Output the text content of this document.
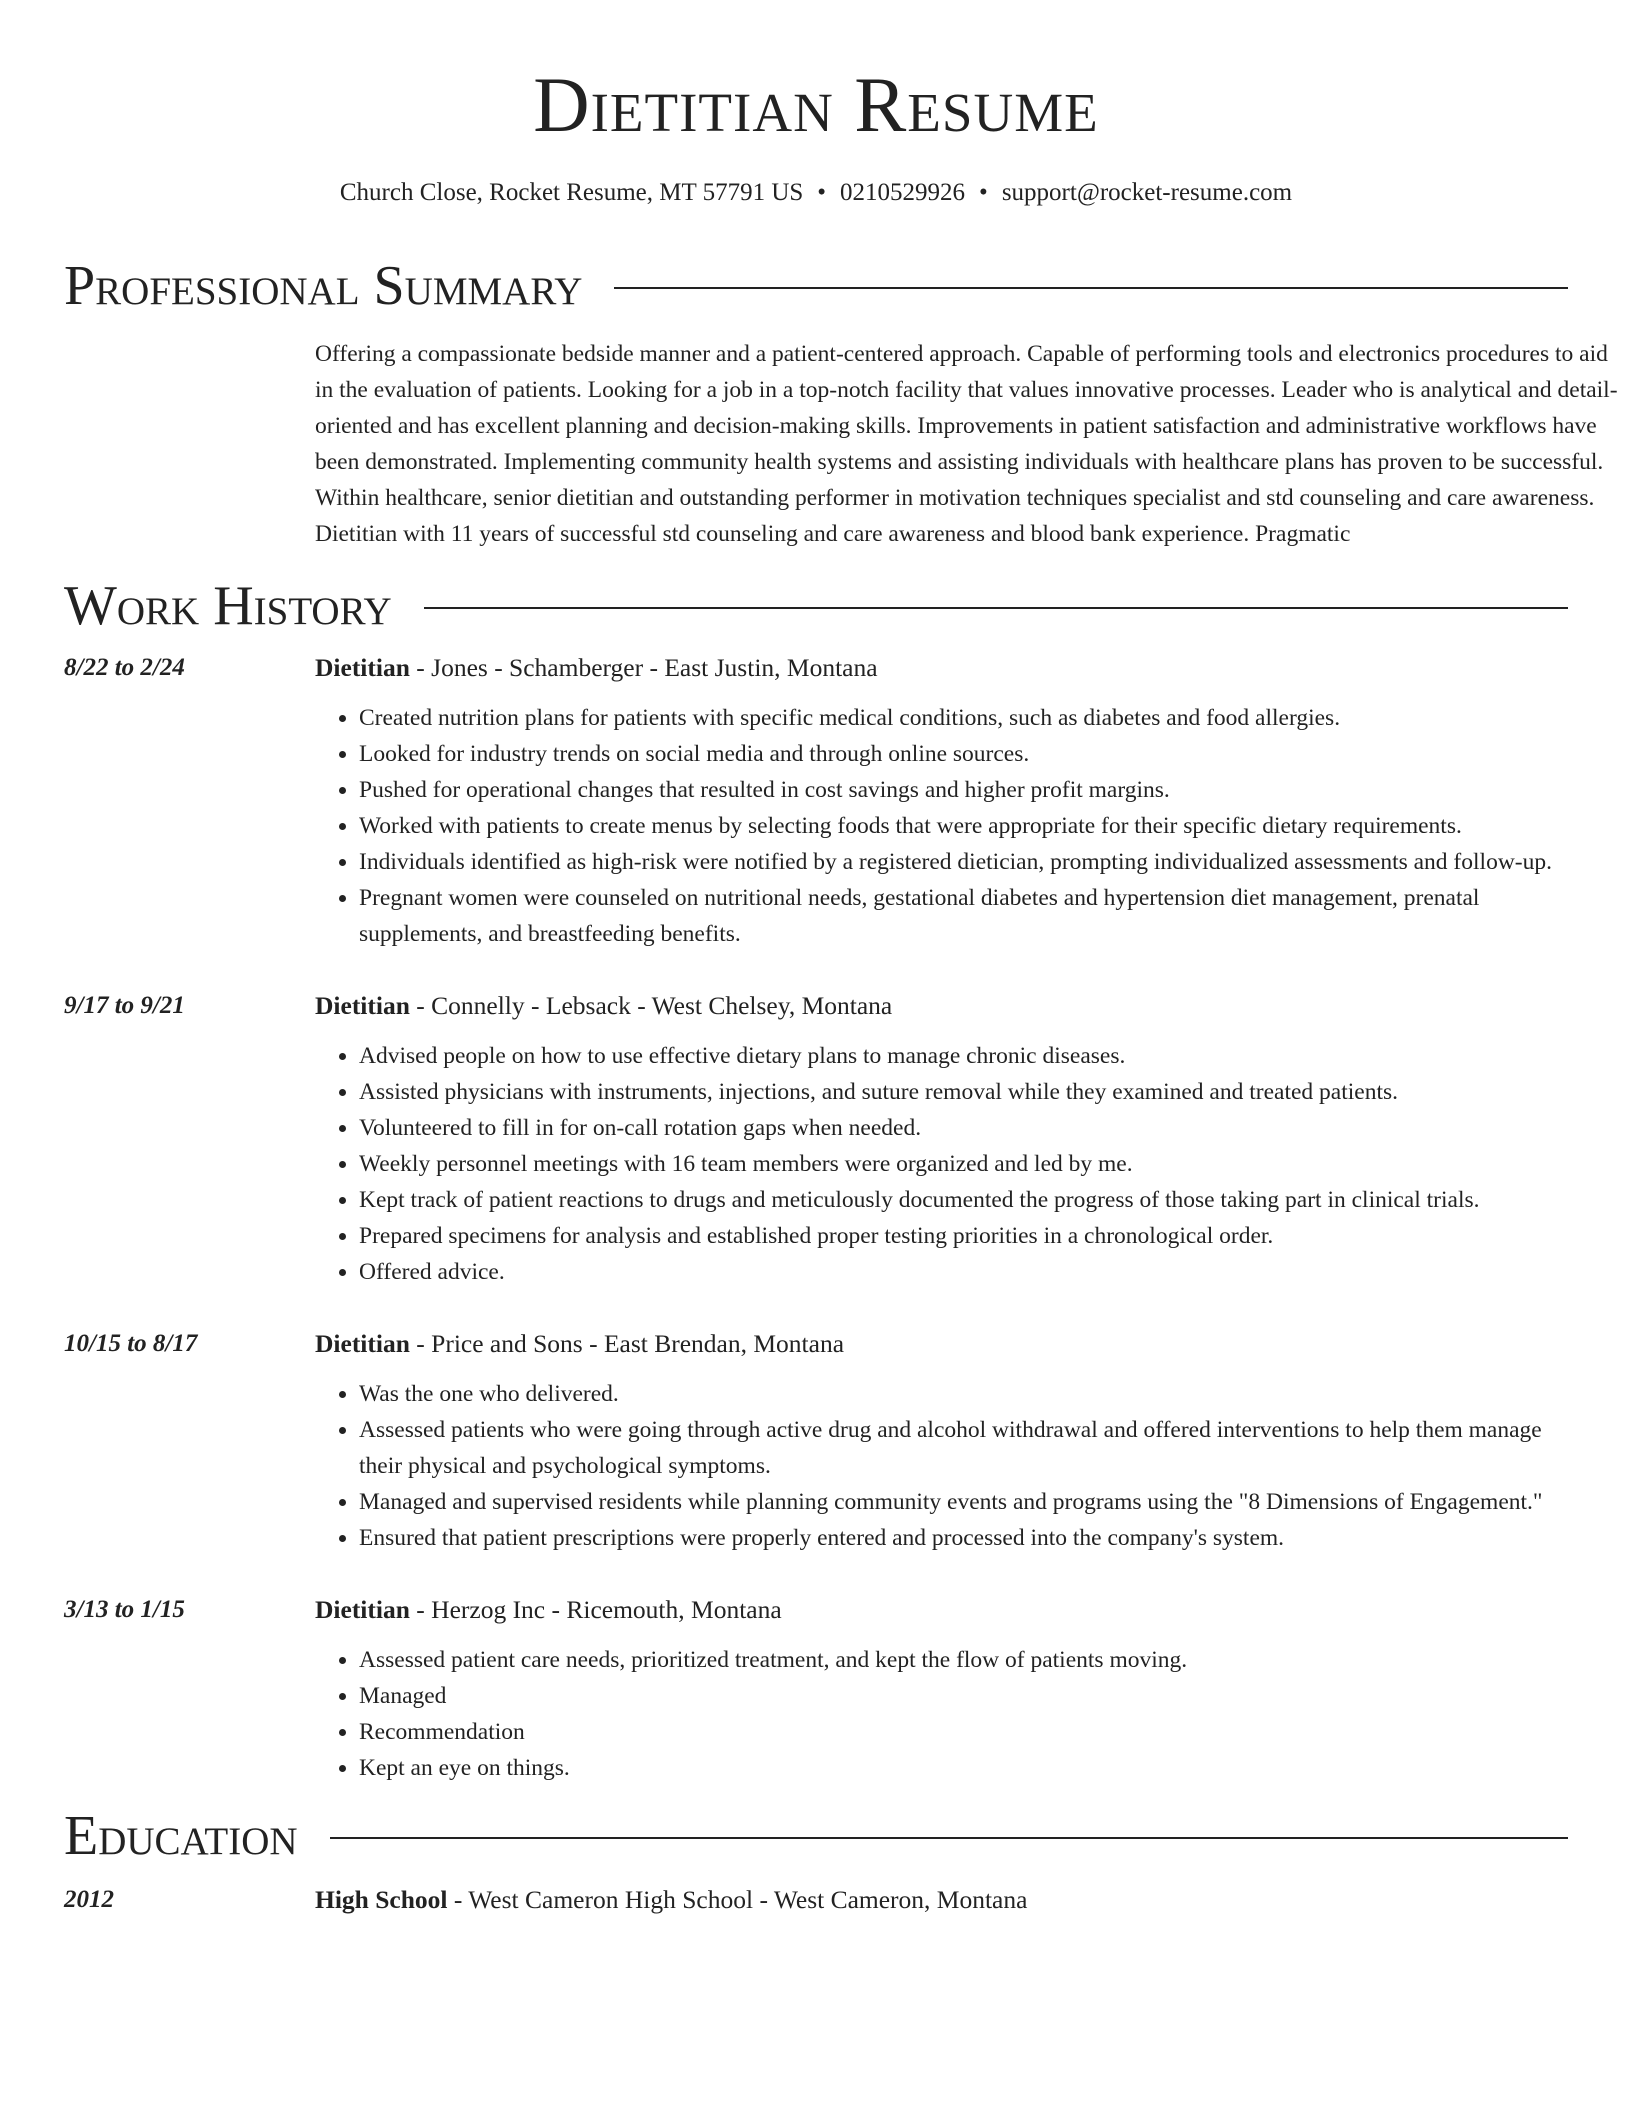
Dietitian Resume
Church Close, Rocket Resume, MT 57791 US • 0210529926 • support@rocket-resume.com
Professional Summary
Offering a compassionate bedside manner and a patient-centered approach. Capable of performing tools and electronics procedures to aid in the evaluation of patients. Looking for a job in a top-notch facility that values innovative processes. Leader who is analytical and detail-oriented and has excellent planning and decision-making skills. Improvements in patient satisfaction and administrative workflows have been demonstrated. Implementing community health systems and assisting individuals with healthcare plans has proven to be successful. Within healthcare, senior dietitian and outstanding performer in motivation techniques specialist and std counseling and care awareness. Dietitian with 11 years of successful std counseling and care awareness and blood bank experience. Pragmatic
Work History
8/22 to 2/24	Dietitian - Jones - Schamberger - East Justin, Montana
• Created nutrition plans for patients with specific medical conditions, such as diabetes and food allergies.
• Looked for industry trends on social media and through online sources.
• Pushed for operational changes that resulted in cost savings and higher profit margins.
• Worked with patients to create menus by selecting foods that were appropriate for their specific dietary requirements.
• Individuals identified as high-risk were notified by a registered dietician, prompting individualized assessments and follow-up.
• Pregnant women were counseled on nutritional needs, gestational diabetes and hypertension diet management, prenatal supplements, and breastfeeding benefits.
9/17 to 9/21	Dietitian - Connelly - Lebsack - West Chelsey, Montana
• Advised people on how to use effective dietary plans to manage chronic diseases.
• Assisted physicians with instruments, injections, and suture removal while they examined and treated patients.
• Volunteered to fill in for on-call rotation gaps when needed.
• Weekly personnel meetings with 16 team members were organized and led by me.
• Kept track of patient reactions to drugs and meticulously documented the progress of those taking part in clinical trials.
• Prepared specimens for analysis and established proper testing priorities in a chronological order.
• Offered advice.
10/15 to 8/17	Dietitian - Price and Sons - East Brendan, Montana
• Was the one who delivered.
• Assessed patients who were going through active drug and alcohol withdrawal and offered interventions to help them manage their physical and psychological symptoms.
• Managed and supervised residents while planning community events and programs using the "8 Dimensions of Engagement."
• Ensured that patient prescriptions were properly entered and processed into the company's system.
3/13 to 1/15	Dietitian - Herzog Inc - Ricemouth, Montana
• Assessed patient care needs, prioritized treatment, and kept the flow of patients moving.
• Managed
• Recommendation
• Kept an eye on things.
Education
2012	High School - West Cameron High School - West Cameron, Montana
